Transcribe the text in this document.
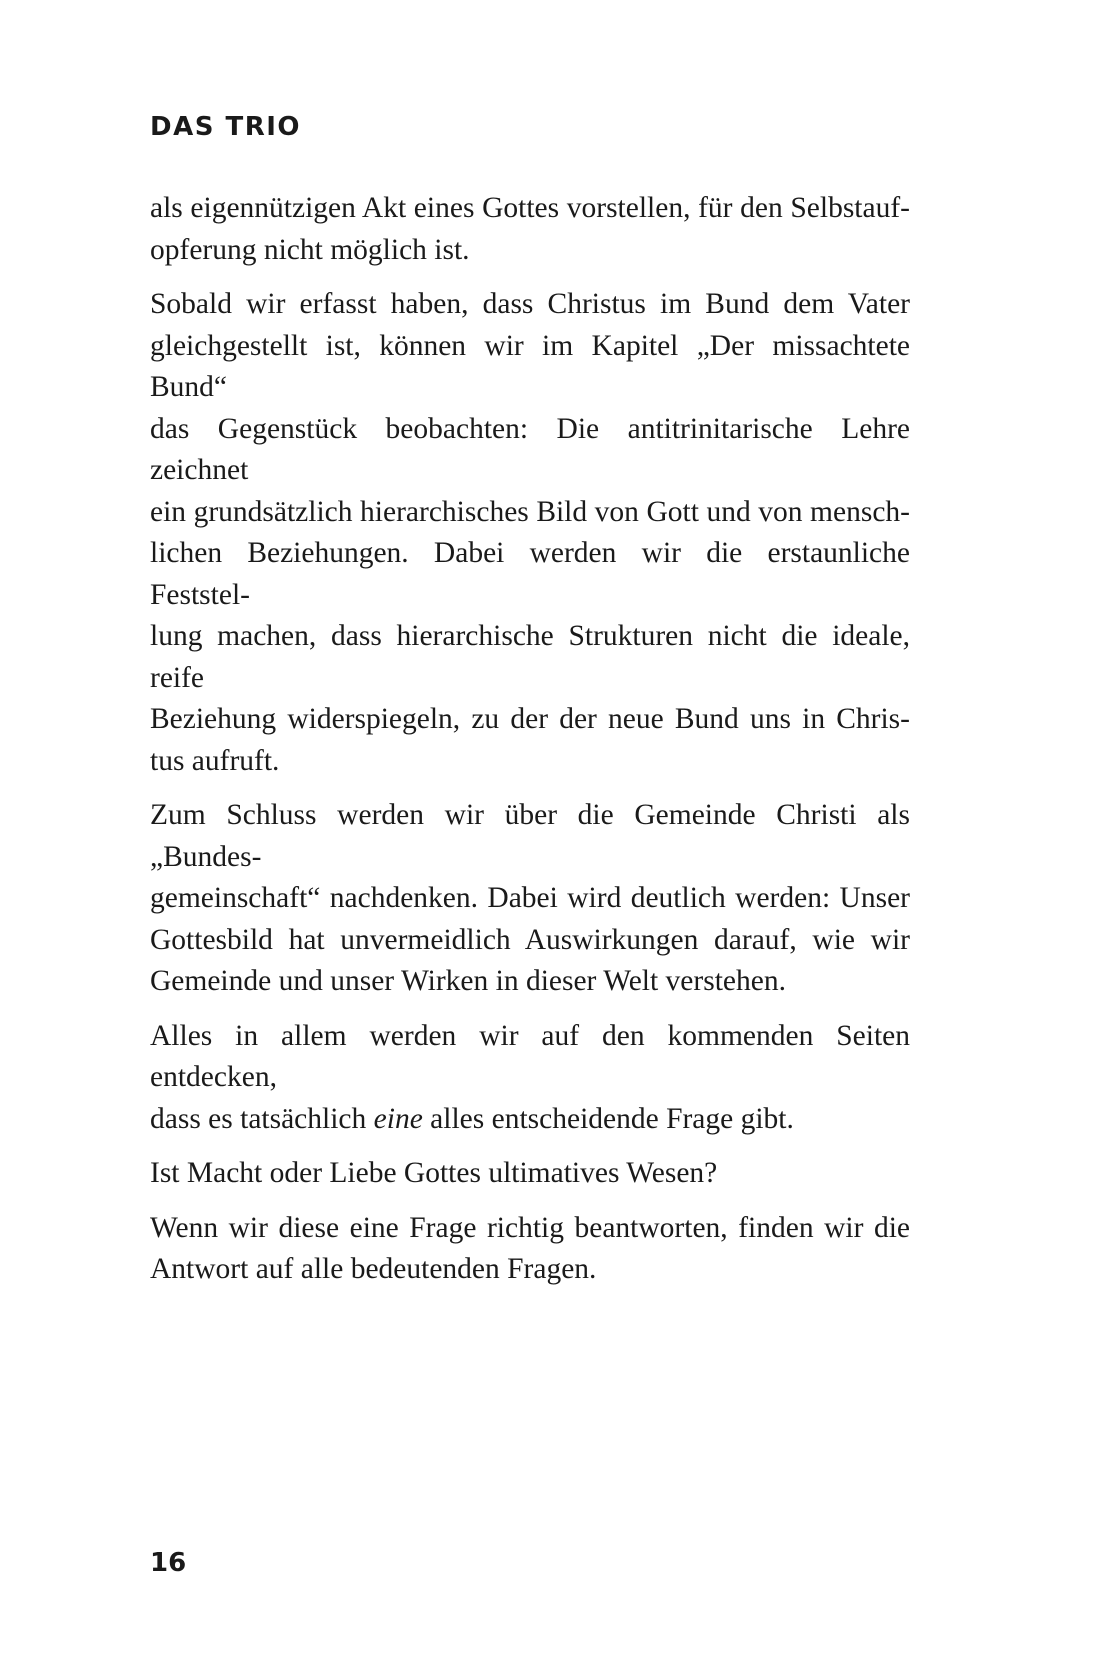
DAS TRIO

als eigennützigen Akt eines Gottes vorstellen, für den Selbstauf-
opferung nicht möglich ist.

Sobald wir erfasst haben, dass Christus im Bund dem Vater
gleichgestellt ist, können wir im Kapitel „Der missachtete Bund“
das Gegenstück beobachten: Die antitrinitarische Lehre zeichnet
ein grundsätzlich hierarchisches Bild von Gott und von mensch-
lichen Beziehungen. Dabei werden wir die erstaunliche Feststel-
lung machen, dass hierarchische Strukturen nicht die ideale, reife
Beziehung widerspiegeln, zu der der neue Bund uns in Chris-
tus aufruft.

Zum Schluss werden wir über die Gemeinde Christi als „Bundes-
gemeinschaft“ nachdenken. Dabei wird deutlich werden: Unser
Gottesbild hat unvermeidlich Auswirkungen darauf, wie wir
Gemeinde und unser Wirken in dieser Welt verstehen.

Alles in allem werden wir auf den kommenden Seiten entdecken,
dass es tatsächlich eine alles entscheidende Frage gibt.

Ist Macht oder Liebe Gottes ultimatives Wesen?

Wenn wir diese eine Frage richtig beantworten, finden wir die
Antwort auf alle bedeutenden Fragen.

16
